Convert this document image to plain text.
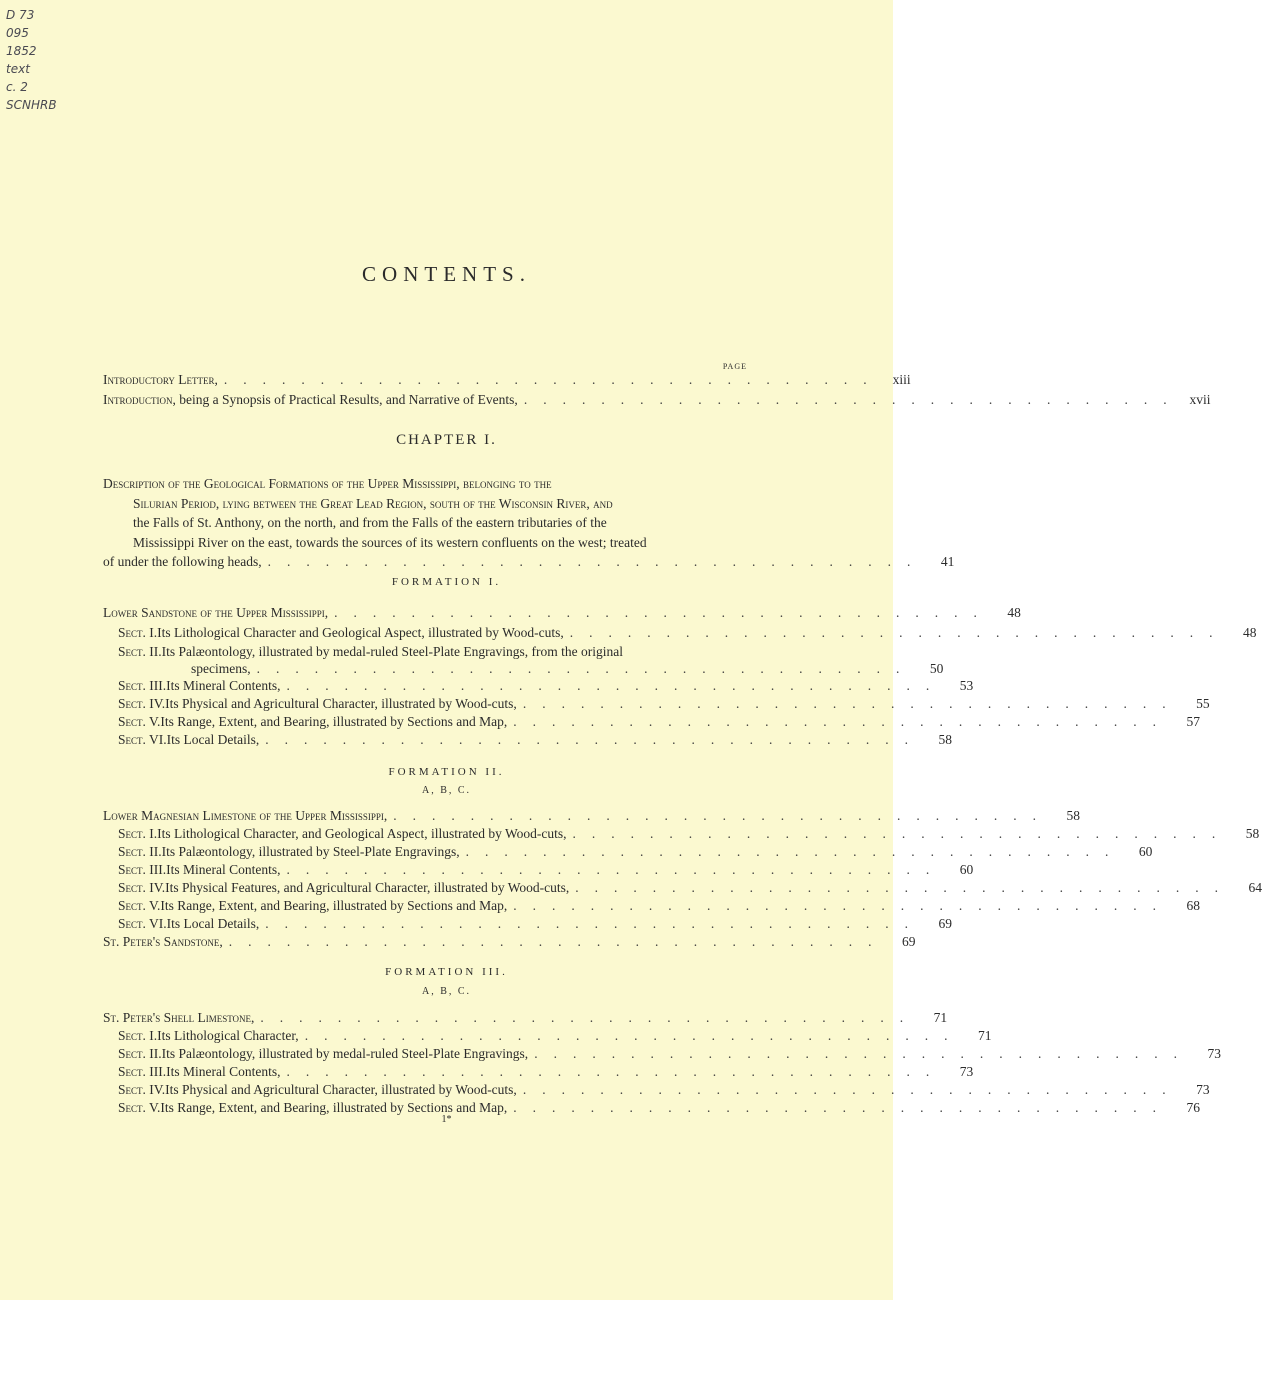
D 73
095
1852
text
c. 2
SCNHRB
CONTENTS.
PAGE
Introductory Letter , .................................. xiii
Introduction , being a Synopsis of Practical Results, and Narrative of Events, .................................. xvii
CHAPTER I.
Description of the Geological Formations of the Upper Mississippi, belonging to the
Silurian Period, lying between the Great Lead Region, south of the Wisconsin River, and
the Falls of St. Anthony, on the north, and from the Falls of the eastern tributaries of the
Mississippi River on the east, towards the sources of its western confluents on the west; treated
of under the following heads, ..................................	41
FORMATION I.
Lower Sandstone of the Upper Mississippi , ..................................	48
Sect. I. Its Lithological Character and Geological Aspect, illustrated by Wood-cuts, ..................................	48
Sect. II. Its Palæontology, illustrated by medal-ruled Steel-Plate Engravings, from the original
specimens, ..................................	50
Sect. III. Its Mineral Contents, ..................................	53
Sect. IV. Its Physical and Agricultural Character, illustrated by Wood-cuts, ..................................	55
Sect. V. Its Range, Extent, and Bearing, illustrated by Sections and Map, ..................................	57
Sect. VI. Its Local Details, ..................................	58
FORMATION II.
A, B, C.
Lower Magnesian Limestone of the Upper Mississippi , ..................................	58
Sect. I. Its Lithological Character, and Geological Aspect, illustrated by Wood-cuts, ..................................	58
Sect. II. Its Palæontology, illustrated by Steel-Plate Engravings, ..................................	60
Sect. III. Its Mineral Contents, ..................................	60
Sect. IV. Its Physical Features, and Agricultural Character, illustrated by Wood-cuts, ..................................	64
Sect. V. Its Range, Extent, and Bearing, illustrated by Sections and Map, ..................................	68
Sect. VI. Its Local Details, ..................................	69
St. Peter's Sandstone , ..................................	69
FORMATION III.
A, B, C.
St. Peter's Shell Limestone , ..................................	71
Sect. I. Its Lithological Character, ..................................	71
Sect. II. Its Palæontology, illustrated by medal-ruled Steel-Plate Engravings, ..................................	73
Sect. III. Its Mineral Contents, ..................................	73
Sect. IV. Its Physical and Agricultural Character, illustrated by Wood-cuts, ..................................	73
Sect. V. Its Range, Extent, and Bearing, illustrated by Sections and Map, ..................................	76
1*
